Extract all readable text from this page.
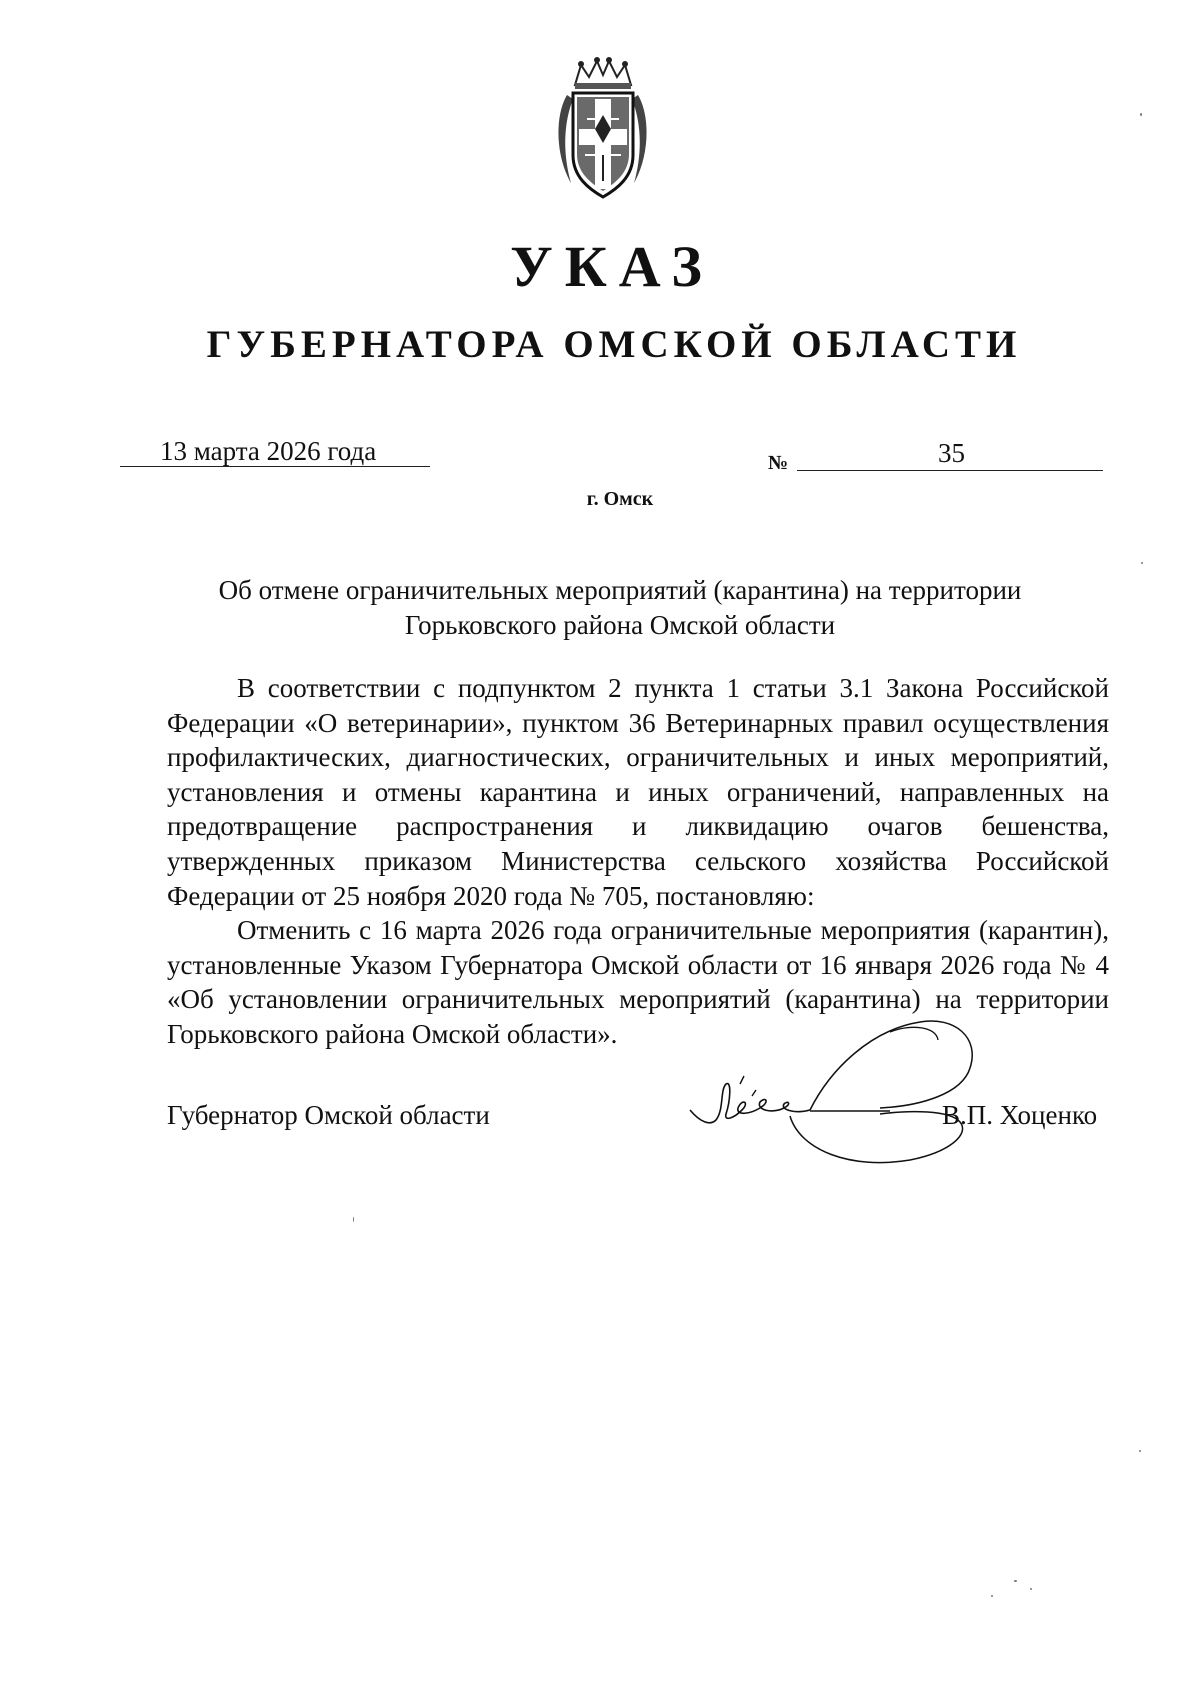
УКАЗ
ГУБЕРНАТОРА ОМСКОЙ ОБЛАСТИ
13 марта 2026 года	№	35
г. Омск
Об отмене ограничительных мероприятий (карантина) на территории
Горьковского района Омской области

В соответствии с подпунктом 2 пункта 1 статьи 3.1 Закона Российской Федерации «О ветеринарии», пунктом 36 Ветеринарных правил осуществления профилактических, диагностических, ограничительных и иных мероприятий, установления и отмены карантина и иных ограничений, направленных на предотвращение распространения и ликвидацию очагов бешенства, утвержденных приказом Министерства сельского хозяйства Российской Федерации от 25 ноября 2020 года № 705, постановляю:

Отменить с 16 марта 2026 года ограничительные мероприятия (карантин), установленные Указом Губернатора Омской области от 16 января 2026 года № 4 «Об установлении ограничительных мероприятий (карантина) на территории Горьковского района Омской области».

Губернатор Омской области	В.П. Хоценко
